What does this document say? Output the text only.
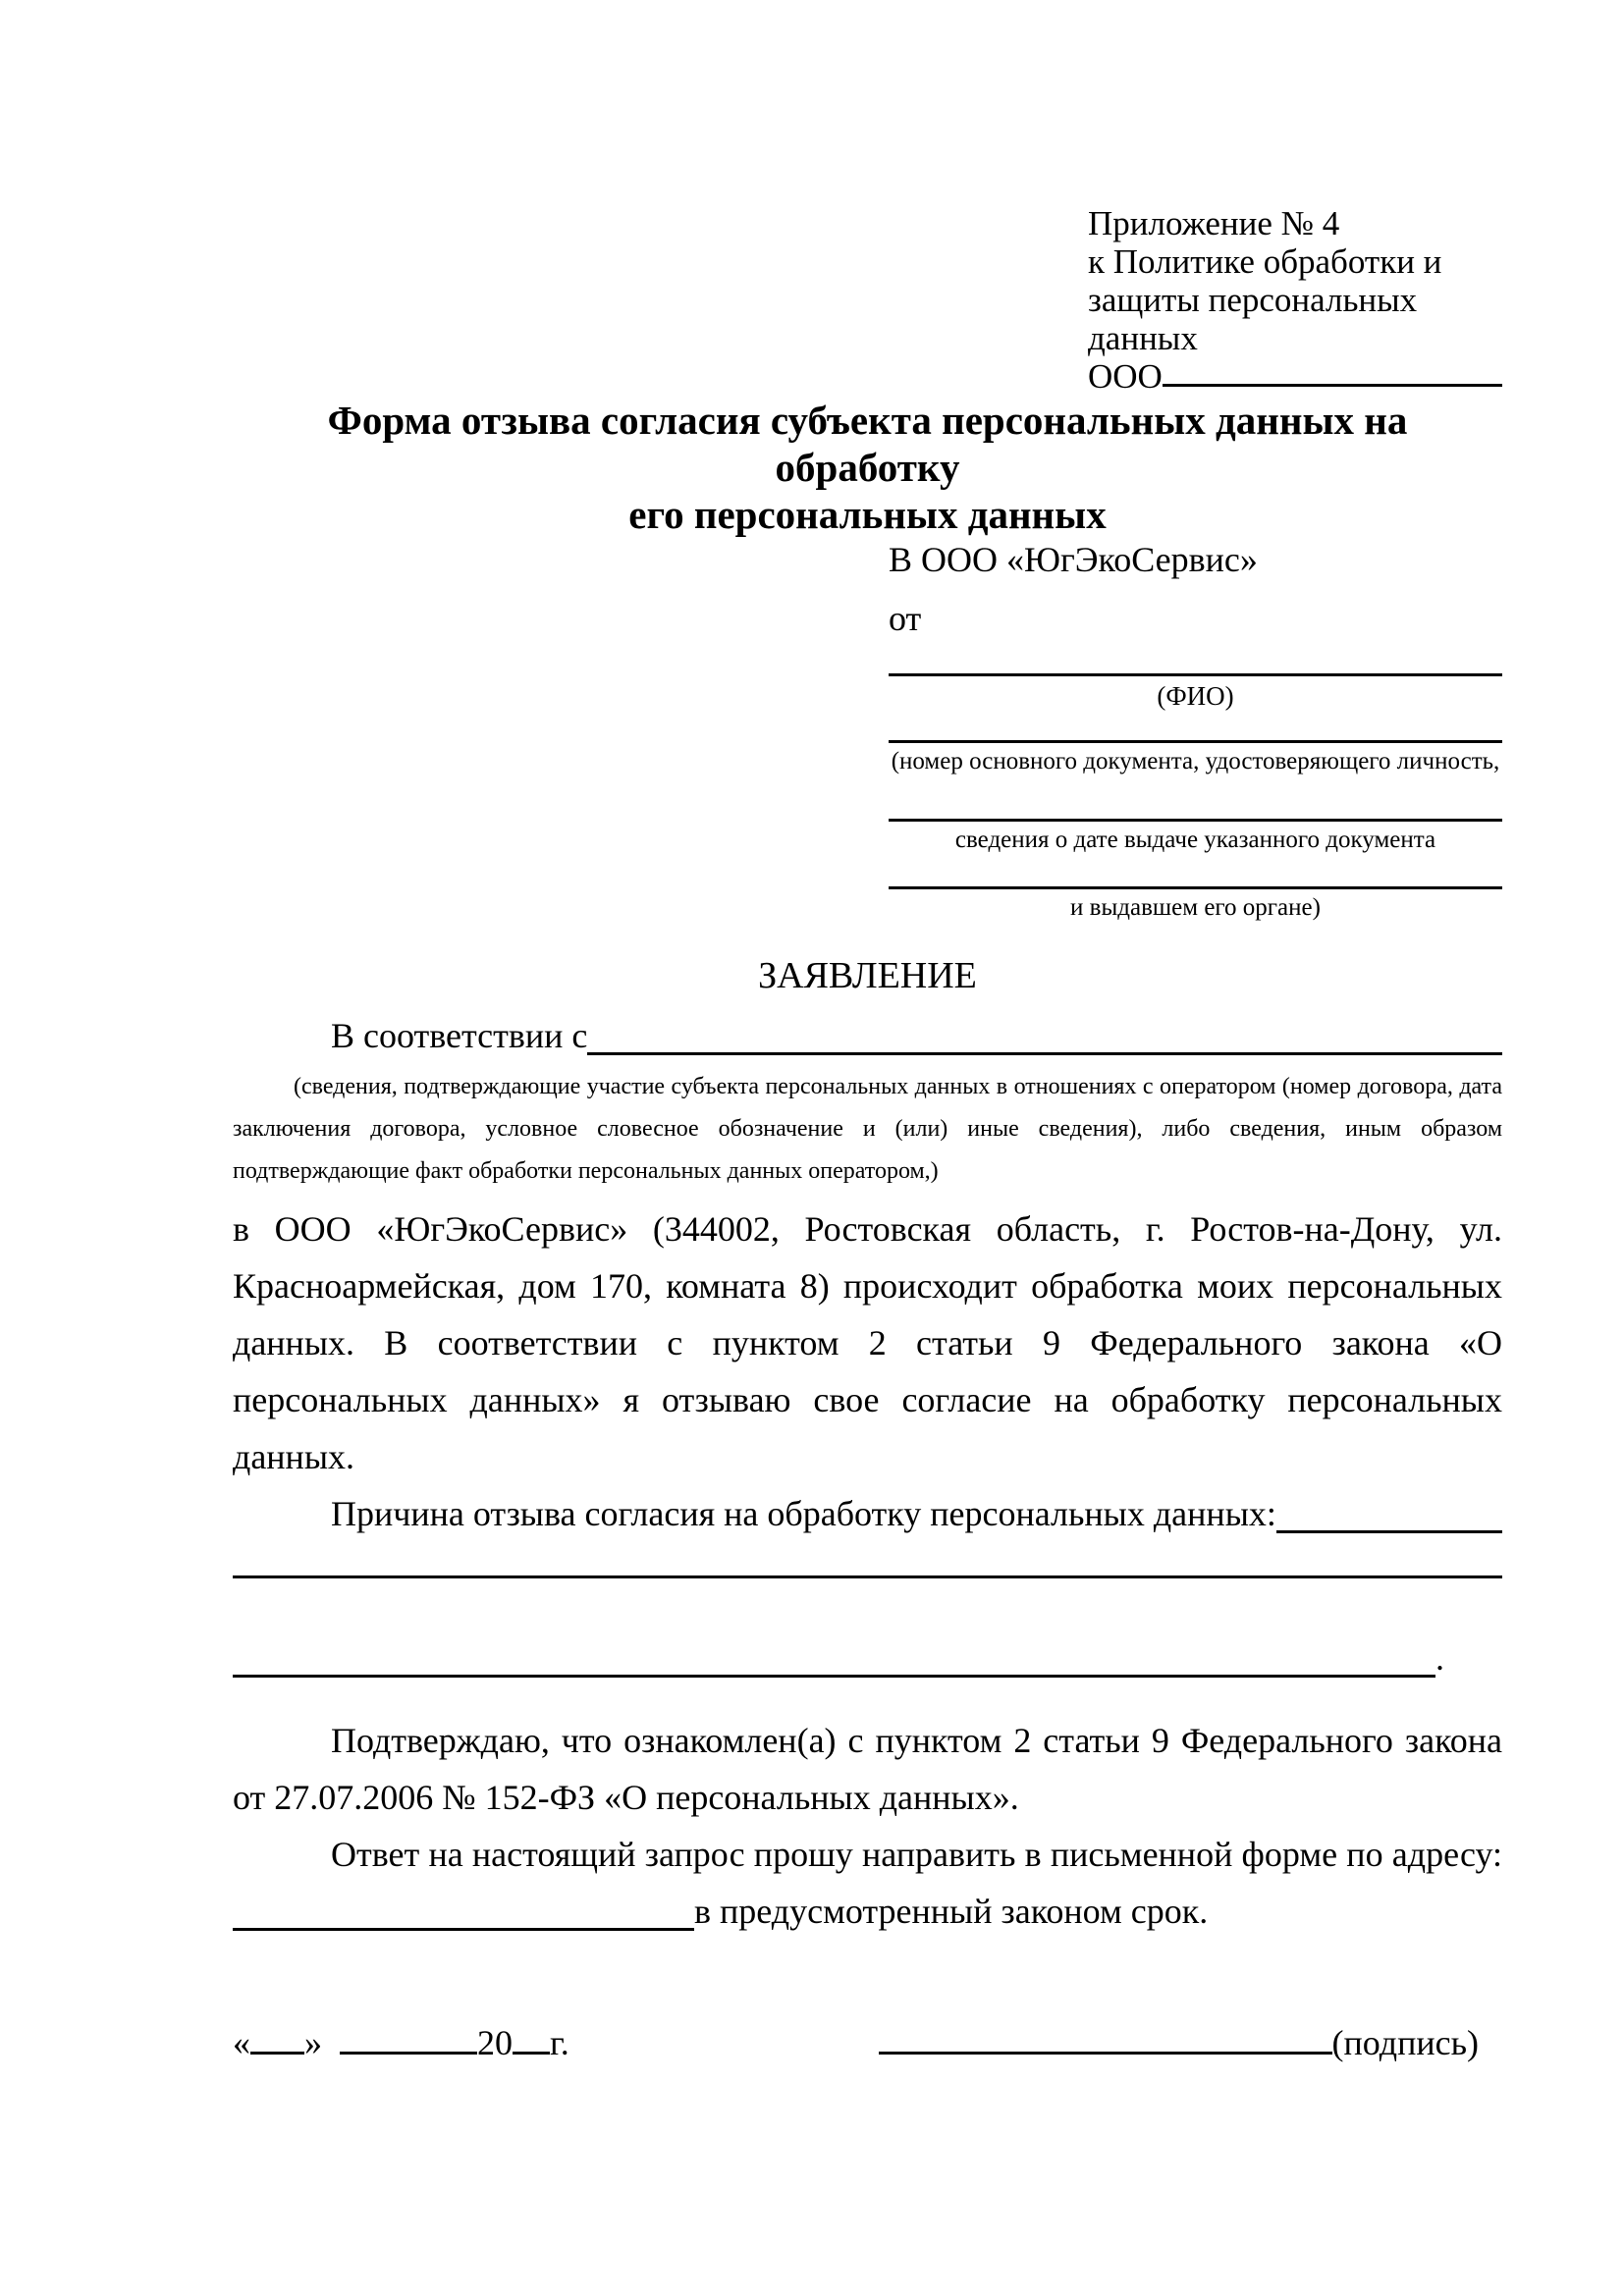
Приложение № 4
к Политике обработки и
защиты персональных данных
ООО
Форма отзыва согласия субъекта персональных данных на обработку
его персональных данных
В ООО «ЮгЭкоСервис»
от
(ФИО)
(номер основного документа, удостоверяющего личность,
сведения о дате выдаче указанного документа
и выдавшем его органе)
ЗАЯВЛЕНИЕ
В соответствии с
(сведения, подтверждающие участие субъекта персональных данных в отношениях с оператором (номер договора, дата заключения договора, условное словесное обозначение и (или) иные сведения), либо сведения, иным образом подтверждающие факт обработки персональных данных оператором,)
в ООО «ЮгЭкоСервис» (344002, Ростовская область, г. Ростов-на-Дону, ул. Красноармейская, дом 170, комната 8) происходит обработка моих персональных данных. В соответствии с пунктом 2 статьи 9 Федерального закона «О персональных данных» я отзываю свое согласие на обработку персональных данных.
Причина отзыва согласия на обработку персональных данных:
.
Подтверждаю, что ознакомлен(а) с пунктом 2 статьи 9 Федерального закона от 27.07.2006 № 152-ФЗ «О персональных данных».
Ответ на настоящий запрос прошу направить в письменной форме по адресу:
в предусмотренный законом срок.
« »	20 г.	(подпись)
